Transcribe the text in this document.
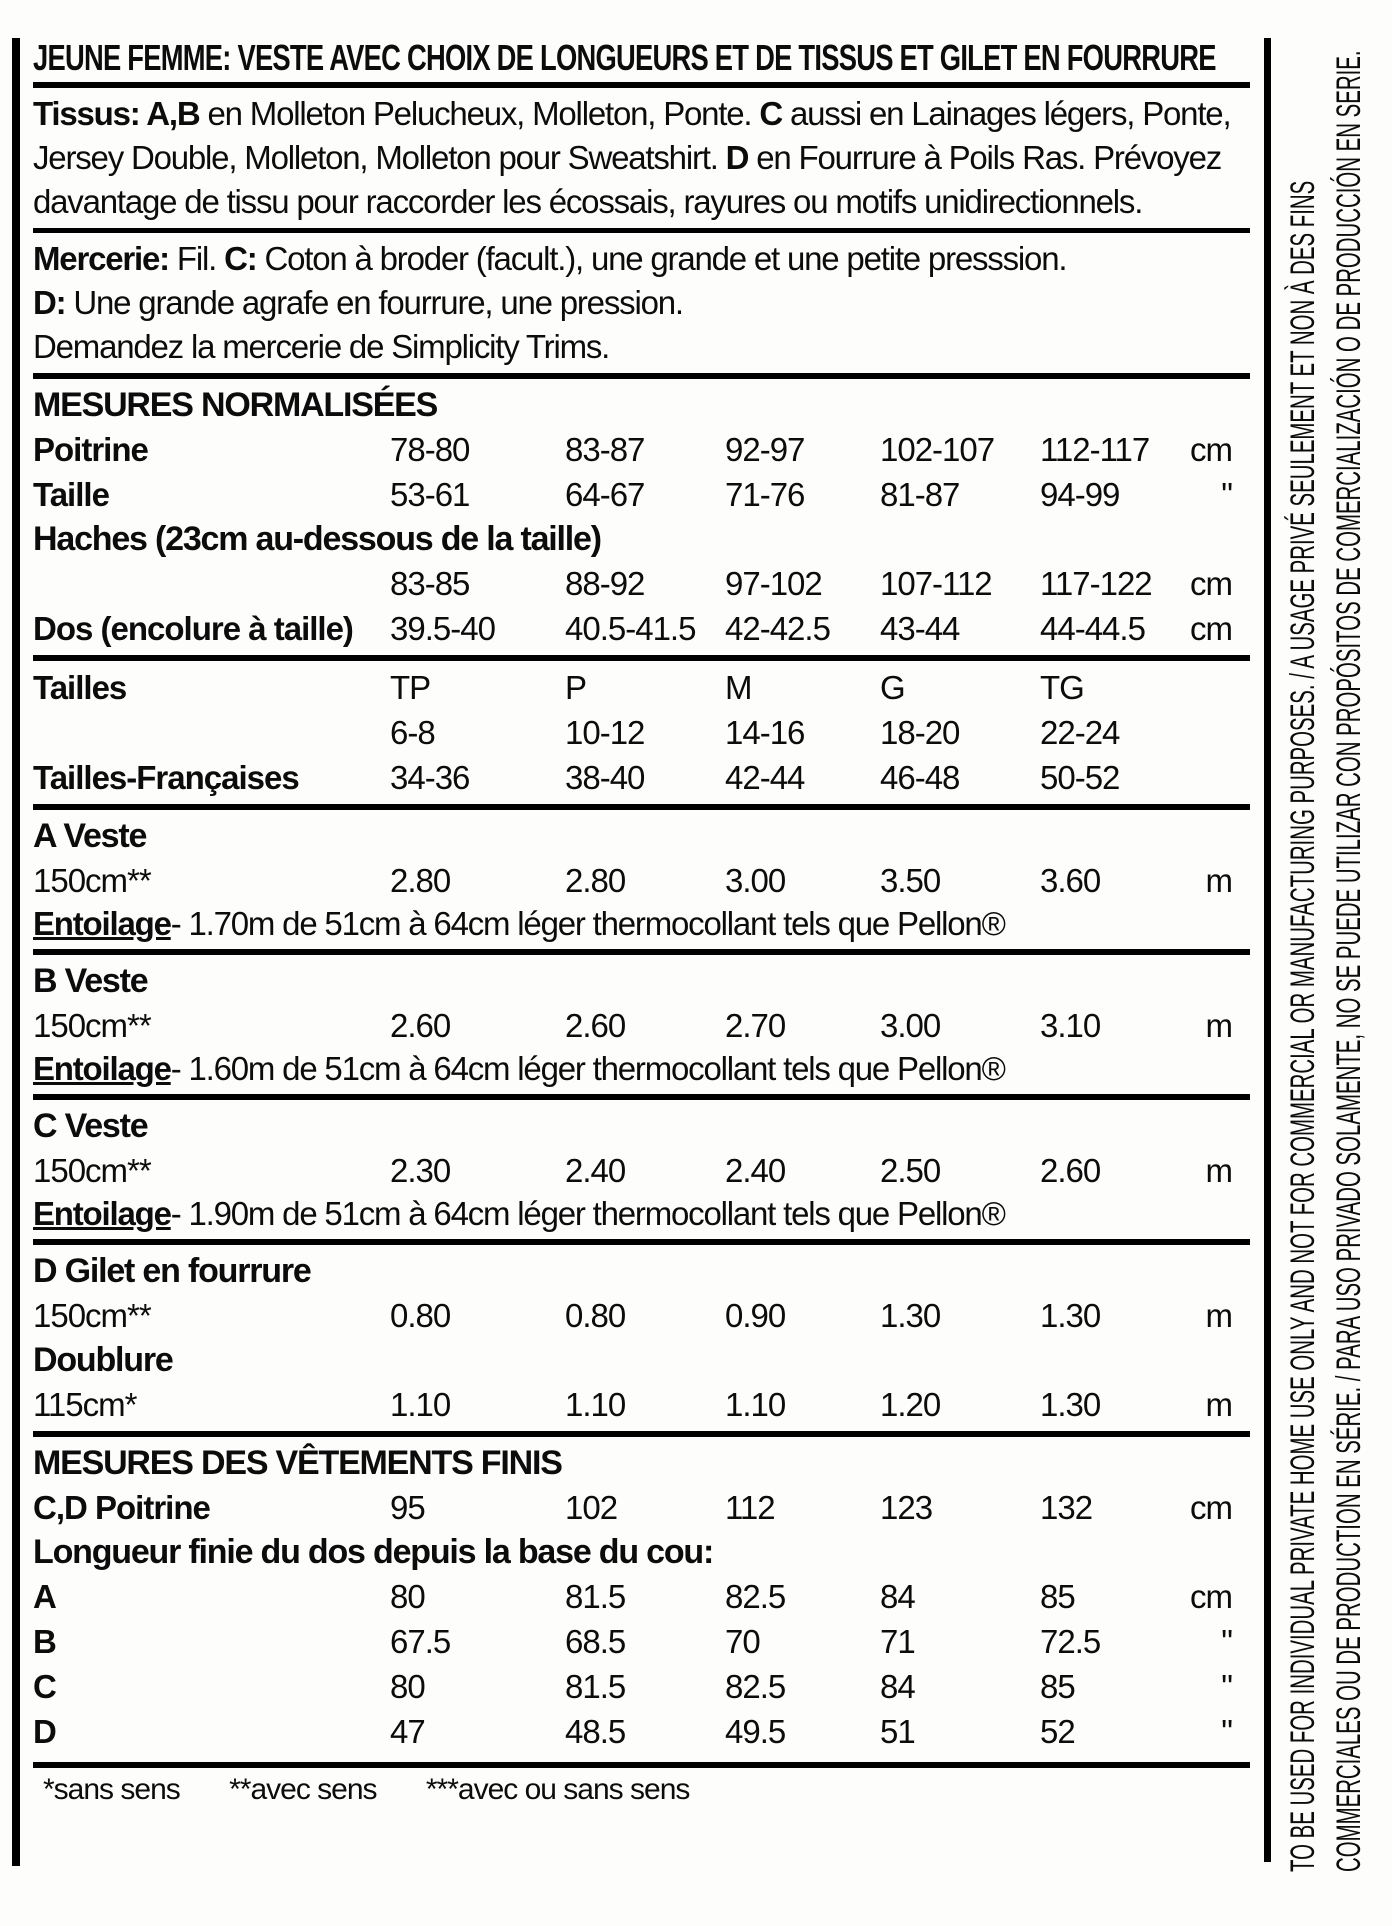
JEUNE FEMME: VESTE AVEC CHOIX DE LONGUEURS ET DE TISSUS ET GILET EN FOURRURE

Tissus: A,B en Molleton Pelucheux, Molleton, Ponte. C aussi en Lainages légers, Ponte, Jersey Double, Molleton, Molleton pour Sweatshirt. D en Fourrure à Poils Ras. Prévoyez davantage de tissu pour raccorder les écossais, rayures ou motifs unidirectionnels.

Mercerie: Fil. C: Coton à broder (facult.), une grande et une petite presssion.
D: Une grande agrafe en fourrure, une pression.
Demandez la mercerie de Simplicity Trims.
MESURES NORMALISÉES
Poitrine	78-80	83-87	92-97	102-107	112-117	cm
Taille	53-61	64-67	71-76	81-87	94-99	"
Haches (23cm au-dessous de la taille)
83-85	88-92	97-102	107-112	117-122	cm
Dos (encolure à taille)	39.5-40	40.5-41.5 42-42.5	43-44	44-44.5	cm
Tailles	TP	P	M	G	TG
6-8	10-12	14-16	18-20	22-24
Tailles-Françaises	34-36	38-40	42-44	46-48	50-52
A Veste
150cm**	2.80	2.80	3.00	3.50	3.60	m
Entoilage- 1.70m de 51cm à 64cm léger thermocollant tels que Pellon®
B Veste
150cm**	2.60	2.60	2.70	3.00	3.10	m
Entoilage- 1.60m de 51cm à 64cm léger thermocollant tels que Pellon®
C Veste
150cm**	2.30	2.40	2.40	2.50	2.60	m
Entoilage- 1.90m de 51cm à 64cm léger thermocollant tels que Pellon®
D Gilet en fourrure
150cm**	0.80	0.80	0.90	1.30	1.30	m
Doublure
115cm*	1.10	1.10	1.10	1.20	1.30	m
MESURES DES VÊTEMENTS FINIS
C,D Poitrine	95	102	112	123	132	cm
Longueur finie du dos depuis la base du cou:
A	80	81.5	82.5	84	85	cm
B	67.5	68.5	70	71	72.5	"
C	80	81.5	82.5	84	85	"
D	47	48.5	49.5	51	52	"
*sans sens **avec sens ***avec ou sans sens	TO BE USED FOR INDIVIDUAL PRIVATE HOME USE ONLY AND NOT FOR COMMERCIAL OR MANUFACTURING PURPOSES. / A USAGE PRIVÉ SEULEMENT ET NON À DES FINS COMMERCIALES OU DE PRODUCTION EN SÉRIE. / PARA USO PRIVADO SOLAMENTE, NO SE PUEDE UTILIZAR CON PROPÓSITOS DE COMERCIALIZACIÓN O DE PRODUCCIÓN EN SERIE.
